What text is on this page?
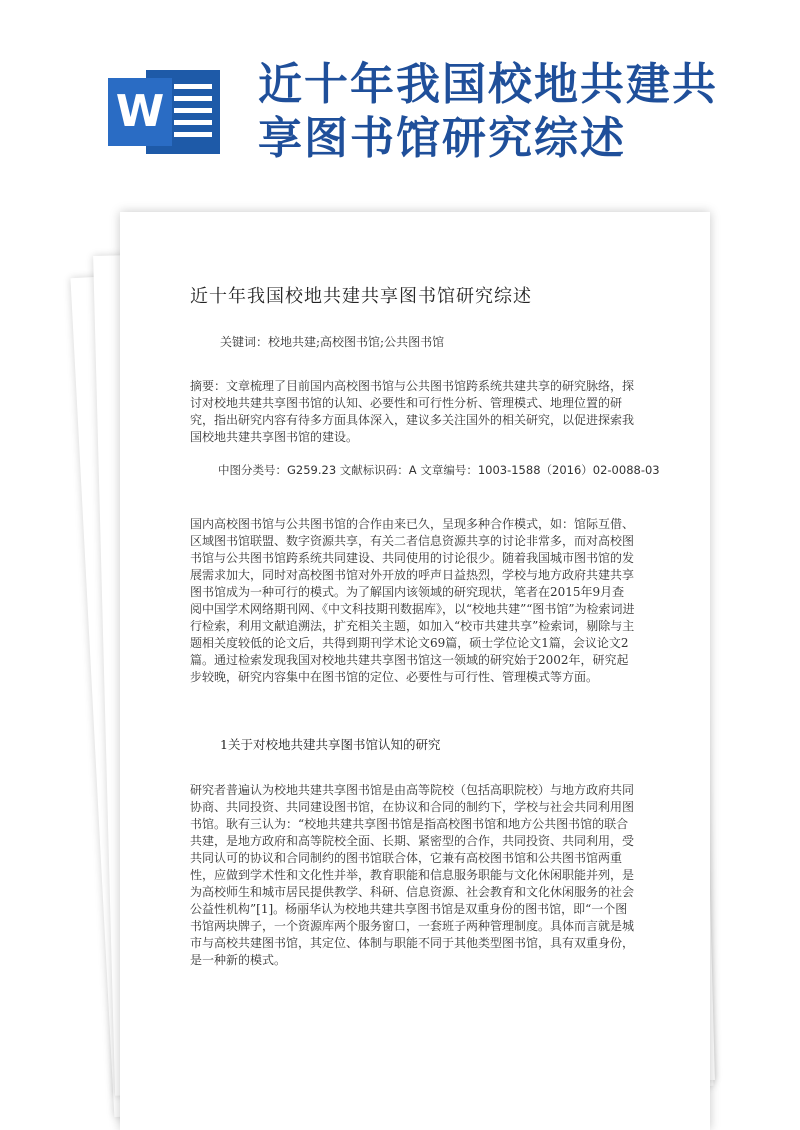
W
近十年我国校地共建共
享图书馆研究综述
近十年我国校地共建共享图书馆研究综述
关键词：校地共建;高校图书馆;公共图书馆
摘要：文章梳理了目前国内高校图书馆与公共图书馆跨系统共建共享的研究脉络，探讨对校地共建共享图书馆的认知、必要性和可行性分析、管理模式、地理位置的研究，指出研究内容有待多方面具体深入，建议多关注国外的相关研究，以促进探索我国校地共建共享图书馆的建设。
中图分类号：G259.23 文献标识码：A 文章编号：1003-1588（2016）02-0088-03
国内高校图书馆与公共图书馆的合作由来已久，呈现多种合作模式，如：馆际互借、区域图书馆联盟、数字资源共享，有关二者信息资源共享的讨论非常多，而对高校图书馆与公共图书馆跨系统共同建设、共同使用的讨论很少。随着我国城市图书馆的发展需求加大，同时对高校图书馆对外开放的呼声日益热烈，学校与地方政府共建共享图书馆成为一种可行的模式。为了解国内该领域的研究现状，笔者在2015年9月查阅中国学术网络期刊网、《中文科技期刊数据库》，以“校地共建”“图书馆”为检索词进行检索，利用文献追溯法，扩充相关主题，如加入“校市共建共享”检索词，剔除与主题相关度较低的论文后，共得到期刊学术论文69篇，硕士学位论文1篇，会议论文2篇。通过检索发现我国对校地共建共享图书馆这一领域的研究始于2002年，研究起步较晚，研究内容集中在图书馆的定位、必要性与可行性、管理模式等方面。
1关于对校地共建共享图书馆认知的研究
研究者普遍认为校地共建共享图书馆是由高等院校（包括高职院校）与地方政府共同协商、共同投资、共同建设图书馆，在协议和合同的制约下，学校与社会共同利用图书馆。耿有三认为：“校地共建共享图书馆是指高校图书馆和地方公共图书馆的联合共建，是地方政府和高等院校全面、长期、紧密型的合作，共同投资、共同利用，受共同认可的协议和合同制约的图书馆联合体，它兼有高校图书馆和公共图书馆两重性，应做到学术性和文化性并举，教育职能和信息服务职能与文化休闲职能并列，是为高校师生和城市居民提供教学、科研、信息资源、社会教育和文化休闲服务的社会公益性机构”[1]。杨丽华认为校地共建共享图书馆是双重身份的图书馆，即“一个图书馆两块牌子，一个资源库两个服务窗口，一套班子两种管理制度。具体而言就是城市与高校共建图书馆，其定位、体制与职能不同于其他类型图书馆，具有双重身份，是一种新的模式。
